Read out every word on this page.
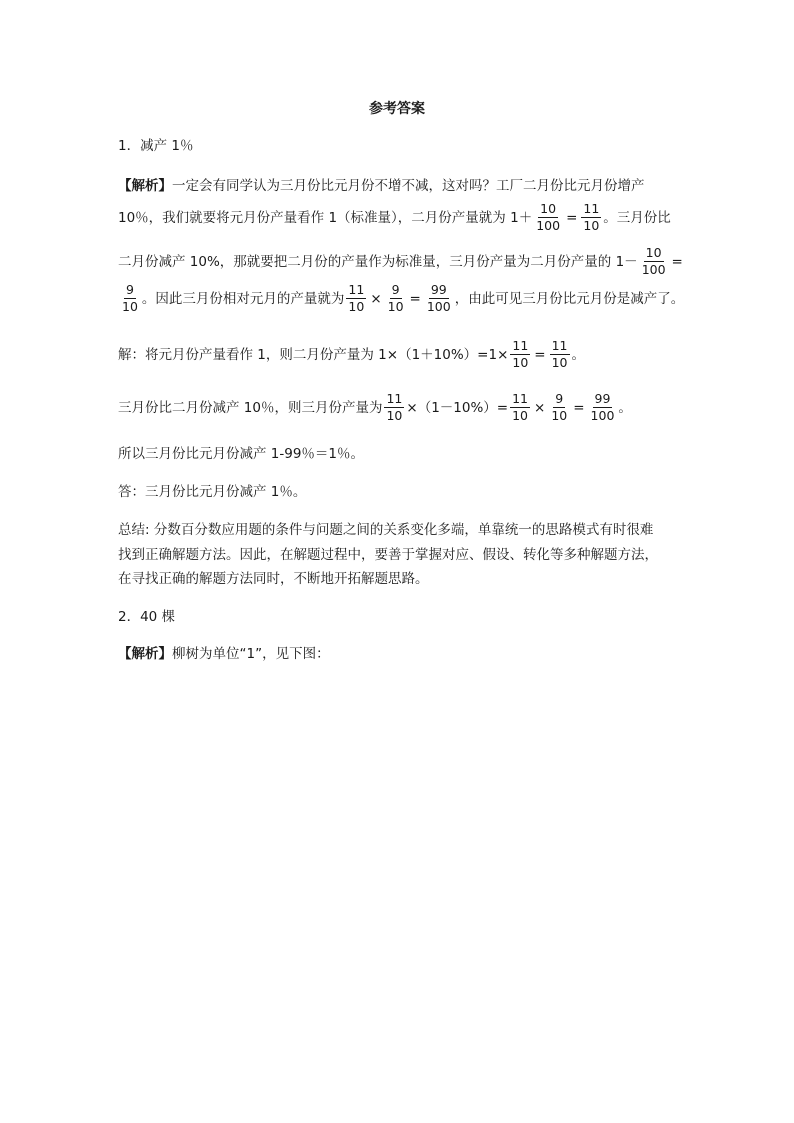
参考答案
1．减产 1％
【解析】 一定会有同学认为三月份比元月份不增不减，这对吗？工厂二月份比元月份增产
10％，我们就要将元月份产量看作 1（标准量），二月份产量就为 $1+ \frac{10}{100} = \frac{11}{10}$ 。 三月份比
二月份减产 10%，那就要把二月份的产量作为标准量，三月份产量为二月份产量的 $1- \frac{10}{100}$ =
$\frac{9}{10}$ 。 因此三月份相对元月的产量就为 $\frac{11}{10} \times \frac{9}{10} = \frac{99}{100}$ ，由此可见三月份比元月份是减产了。
解：将元月份产量看作 1，则二月份产量为 $1\times(1+10\%)=1\times \frac{11}{10} = \frac{11}{10}$ 。
三月份比二月份减产 10％，则三月份产量为 $\frac{11}{10} \times(1-10\%)= \frac{11}{10} \times \frac{9}{10} = \frac{99}{100}$ 。
所以三月份比元月份减产 1-99％＝1％。
答：三月份比元月份减产 1％。
总结: 分数百分数应用题的条件与问题之间的关系变化多端，单靠统一的思路模式有时很难
找到正确解题方法。因此，在解题过程中，要善于掌握对应、假设、转化等多种解题方法，
在寻找正确的解题方法同时，不断地开拓解题思路。
2．40 棵
【解析】 柳树为单位“1”，见下图：
